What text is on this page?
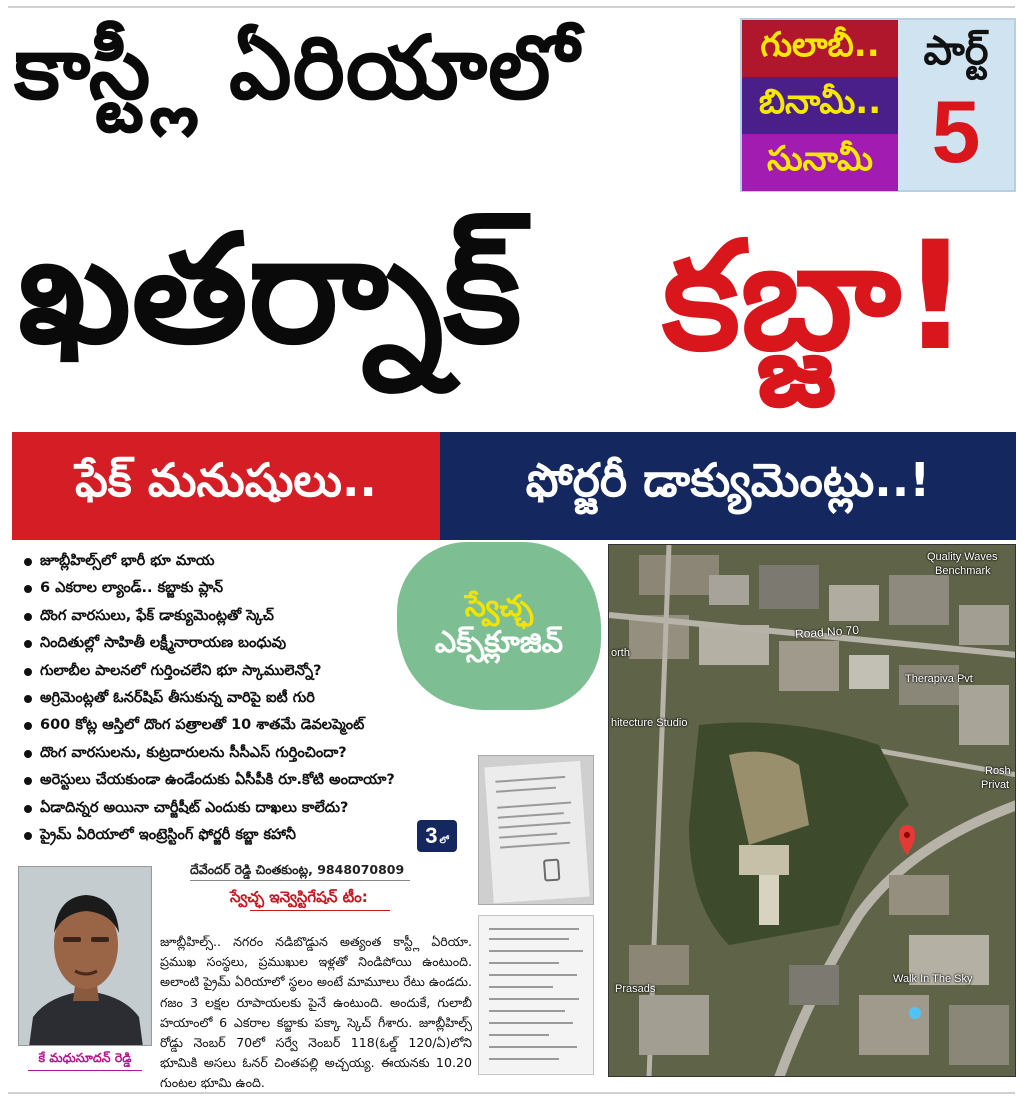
కాస్ట్లీ ఏరియాలో
ఖతర్నాక్ కబ్జా!
గులాబీ..
బినామీ..
సునామీ
పార్ట్
5
ఫేక్ మనుషులు..	ఫోర్జరీ డాక్యుమెంట్లు..!
జూబ్లీహిల్స్‌లో భారీ భూ మాయ
6 ఎకరాల ల్యాండ్.. కబ్జాకు ప్లాన్
దొంగ వారసులు, ఫేక్ డాక్యుమెంట్లతో స్కెచ్
నిందితుల్లో సాహితీ లక్ష్మీనారాయణ బంధువు
గులాబీల పాలనలో గుర్తించలేని భూ స్కాములెన్నో?
అగ్రిమెంట్లతో ఓనర్‌షిప్ తీసుకున్న వారిపై ఐటీ గురి
600 కోట్ల ఆస్తిలో దొంగ పత్రాలతో 10 శాతమే డెవలప్మెంట్
దొంగ వారసులను, కుట్రదారులను సీసీఎస్ గుర్తించిందా?
అరెస్టులు చేయకుండా ఉండేందుకు ఏసీపీకి రూ.కోటి అందాయా?
ఏడాదిన్నర అయినా చార్జీషీట్ ఎందుకు దాఖలు కాలేదు?
ప్రైమ్ ఏరియాలో ఇంట్రెస్టింగ్ ఫోర్జరీ కబ్జా కహానీ
స్వేచ్ఛ
ఎక్స్‌క్లూజివ్
3 లో
దేవేందర్ రెడ్డి చింతకుంట్ల, 9848070809
స్వేచ్ఛ ఇన్వెస్టిగేషన్ టీం:

జూబ్లీహిల్స్.. నగరం నడిబొడ్డున అత్యంత కాస్ట్లీ ఏరియా. ప్రముఖ సంస్థలు, ప్రముఖుల ఇళ్లతో నిండిపోయి ఉంటుంది. అలాంటి ప్రైమ్ ఏరియాలో స్థలం అంటే మామూలు రేటు ఉండదు. గజం 3 లక్షల రూపాయలకు పైనే ఉంటుంది. అందుకే, గులాబీ హయాంలో 6 ఎకరాల కబ్జాకు పక్కా స్కెచ్ గీశారు. జూబ్లీహిల్స్ రోడ్డు నెంబర్ 70లో సర్వే నెంబర్ 118(ఓల్డ్ 120/ఏ)లోని భూమికి అసలు ఓనర్ చింతపల్లి అచ్చయ్య. ఈయనకు 10.20 గుంటల భూమి ఉంది.

కే మధుసూదన్ రెడ్డి
Quality Waves
Benchmark
Road No 70
Therapiva Pvt
hitecture Studio
Rosh
Privat
Prasads
Walk In The Sky
orth
